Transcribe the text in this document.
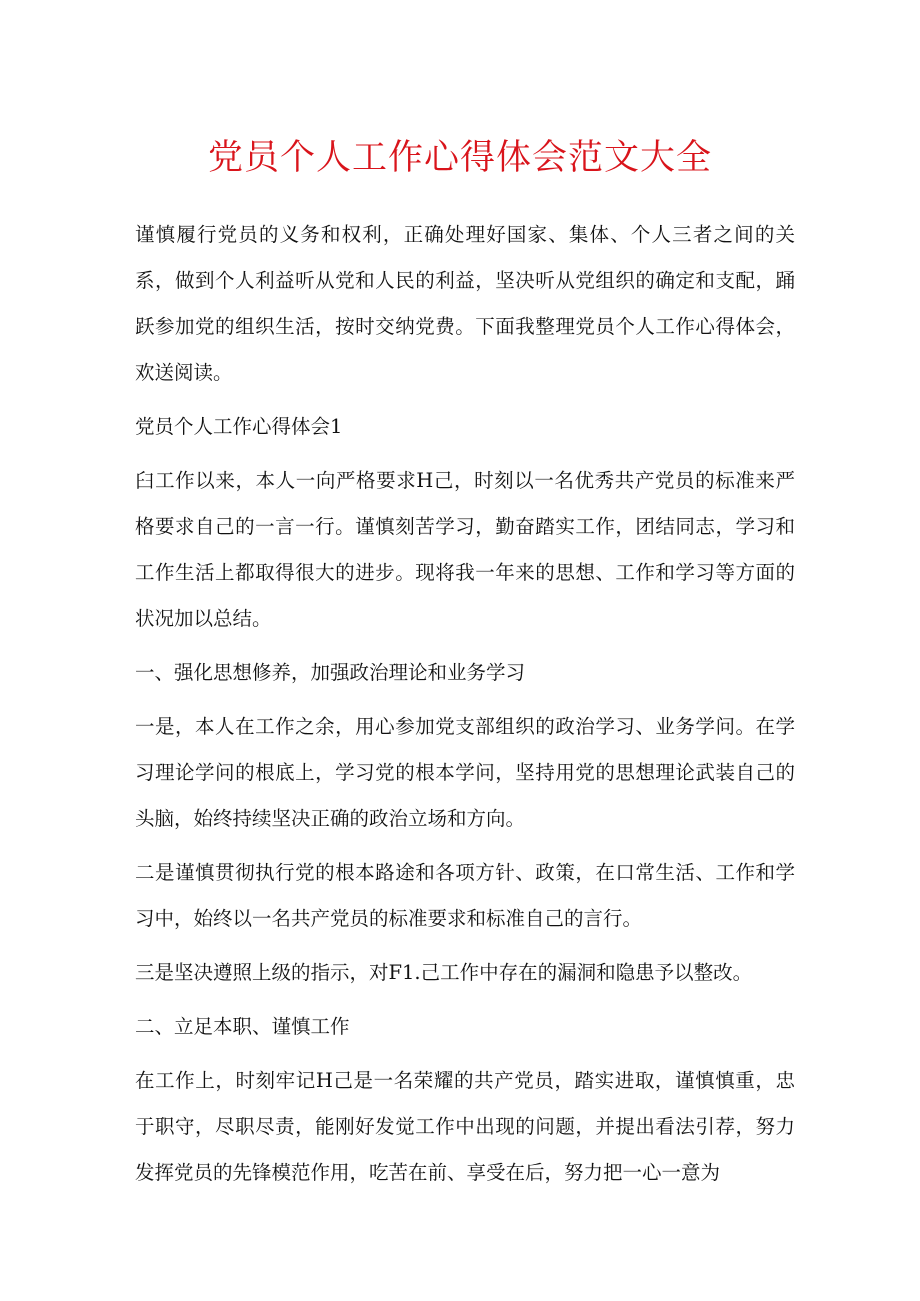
党员个人工作心得体会范文大全

谨慎履行党员的义务和权利，正确处理好国家、集体、个人三者之间的关系，做到个人利益听从党和人民的利益，坚决听从党组织的确定和支配，踊跃参加党的组织生活，按时交纳党费。下面我整理党员个人工作心得体会，欢送阅读。

党员个人工作心得体会1

臼工作以来，本人一向严格要求H己，时刻以一名优秀共产党员的标准来严格要求自己的一言一行。谨慎刻苦学习，勤奋踏实工作，团结同志，学习和工作生活上都取得很大的进步。现将我一年来的思想、工作和学习等方面的状况加以总结。

一、强化思想修养，加强政治理论和业务学习

一是，本人在工作之余，用心参加党支部组织的政治学习、业务学问。在学习理论学问的根底上，学习党的根本学问，坚持用党的思想理论武装自己的头脑，始终持续坚决正确的政治立场和方向。

二是谨慎贯彻执行党的根本路途和各项方针、政策，在口常生活、工作和学习中，始终以一名共产党员的标准要求和标准自己的言行。

三是坚决遵照上级的指示，对F1.己工作中存在的漏洞和隐患予以整改。

二、立足本职、谨慎工作

在工作上，时刻牢记H己是一名荣耀的共产党员，踏实进取，谨慎慎重，忠于职守，尽职尽责，能刚好发觉工作中出现的问题，并提出看法引荐，努力发挥党员的先锋模范作用，吃苦在前、享受在后，努力把一心一意为
